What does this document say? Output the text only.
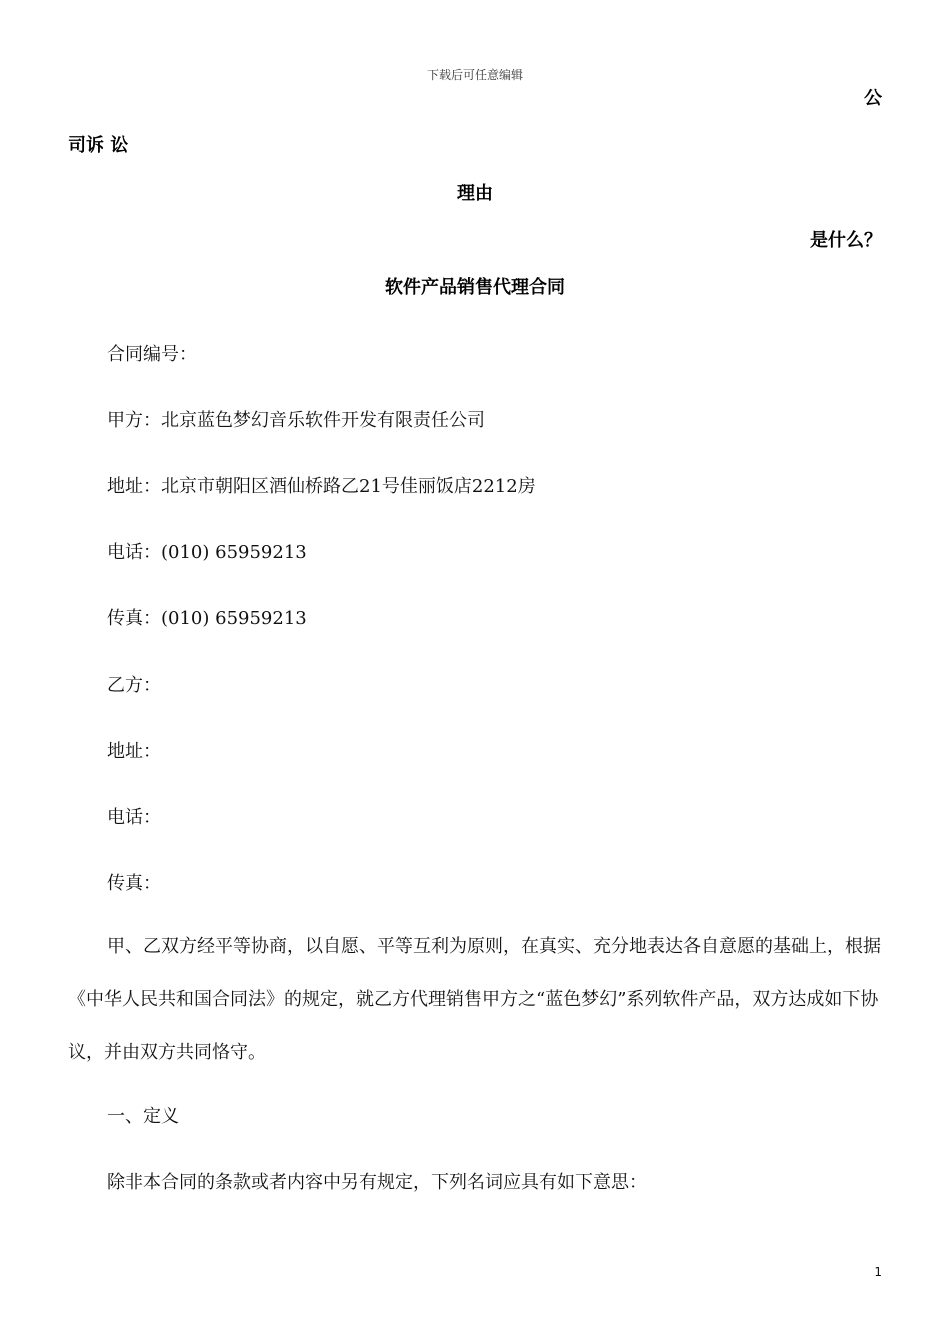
下载后可任意编辑
公
司诉 讼
理由
是什么？
软件产品销售代理合同
合同编号：
甲方：北京蓝色梦幻音乐软件开发有限责任公司
地址：北京市朝阳区酒仙桥路乙21号佳丽饭店2212房
电话：(010) 65959213
传真：(010) 65959213
乙方：
地址：
电话：
传真：
甲、乙双方经平等协商，以自愿、平等互利为原则，在真实、充分地表达各自意愿的基础上，根据《中华人民共和国合同法》的规定，就乙方代理销售甲方之“蓝色梦幻”系列软件产品，双方达成如下协议，并由双方共同恪守。
一、定义
除非本合同的条款或者内容中另有规定，下列名词应具有如下意思：
1
